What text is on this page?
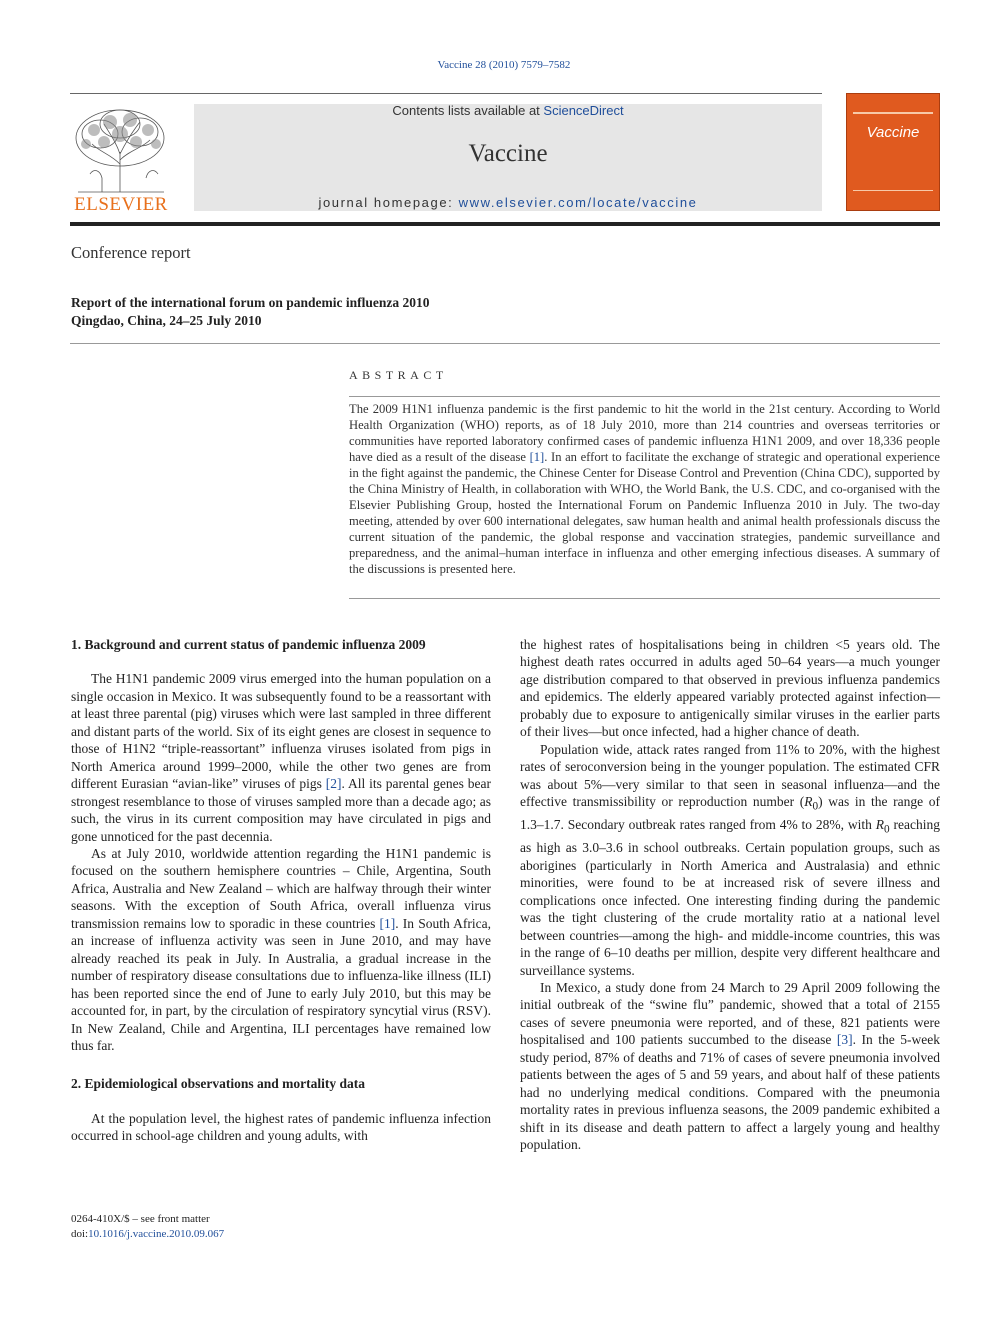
Vaccine 28 (2010) 7579–7582
ELSEVIER
Contents lists available at ScienceDirect
Vaccine
journal homepage: www.elsevier.com/locate/vaccine
Vaccine
Conference report
Report of the international forum on pandemic influenza 2010
Qingdao, China, 24–25 July 2010
ABSTRACT
The 2009 H1N1 influenza pandemic is the first pandemic to hit the world in the 21st century. According to World Health Organization (WHO) reports, as of 18 July 2010, more than 214 countries and overseas territories or communities have reported laboratory confirmed cases of pandemic influenza H1N1 2009, and over 18,336 people have died as a result of the disease [1]. In an effort to facilitate the exchange of strategic and operational experience in the fight against the pandemic, the Chinese Center for Disease Control and Prevention (China CDC), supported by the China Ministry of Health, in collaboration with WHO, the World Bank, the U.S. CDC, and co-organised with the Elsevier Publishing Group, hosted the International Forum on Pandemic Influenza 2010 in July. The two-day meeting, attended by over 600 international delegates, saw human health and animal health professionals discuss the current situation of the pandemic, the global response and vaccination strategies, pandemic surveillance and preparedness, and the animal–human interface in influenza and other emerging infectious diseases. A summary of the discussions is presented here.

1. Background and current status of pandemic influenza 2009

The H1N1 pandemic 2009 virus emerged into the human population on a single occasion in Mexico. It was subsequently found to be a reassortant with at least three parental (pig) viruses which were last sampled in three different and distant parts of the world. Six of its eight genes are closest in sequence to those of H1N2 “triple-reassortant” influenza viruses isolated from pigs in North America around 1999–2000, while the other two genes are from different Eurasian “avian-like” viruses of pigs [2]. All its parental genes bear strongest resemblance to those of viruses sampled more than a decade ago; as such, the virus in its current composition may have circulated in pigs and gone unnoticed for the past decennia.

As at July 2010, worldwide attention regarding the H1N1 pandemic is focused on the southern hemisphere countries – Chile, Argentina, South Africa, Australia and New Zealand – which are halfway through their winter seasons. With the exception of South Africa, overall influenza virus transmission remains low to sporadic in these countries [1]. In South Africa, an increase of influenza activity was seen in June 2010, and may have already reached its peak in July. In Australia, a gradual increase in the number of respiratory disease consultations due to influenza-like illness (ILI) has been reported since the end of June to early July 2010, but this may be accounted for, in part, by the circulation of respiratory syncytial virus (RSV). In New Zealand, Chile and Argentina, ILI percentages have remained low thus far.

2. Epidemiological observations and mortality data

At the population level, the highest rates of pandemic influenza infection occurred in school-age children and young adults, with

the highest rates of hospitalisations being in children <5 years old. The highest death rates occurred in adults aged 50–64 years—a much younger age distribution compared to that observed in previous influenza pandemics and epidemics. The elderly appeared variably protected against infection—probably due to exposure to antigenically similar viruses in the earlier parts of their lives—but once infected, had a higher chance of death.

Population wide, attack rates ranged from 11% to 20%, with the highest rates of seroconversion being in the younger population. The estimated CFR was about 5%—very similar to that seen in seasonal influenza—and the effective transmissibility or reproduction number $(R_0)$ was in the range of 1.3–1.7. Secondary outbreak rates ranged from 4% to 28%, with $R_0$ reaching as high as 3.0–3.6 in school outbreaks. Certain population groups, such as aborigines (particularly in North America and Australasia) and ethnic minorities, were found to be at increased risk of severe illness and complications once infected. One interesting finding during the pandemic was the tight clustering of the crude mortality ratio at a national level between countries—among the high- and middle-income countries, this was in the range of 6–10 deaths per million, despite very different healthcare and surveillance systems.

In Mexico, a study done from 24 March to 29 April 2009 following the initial outbreak of the “swine flu” pandemic, showed that a total of 2155 cases of severe pneumonia were reported, and of these, 821 patients were hospitalised and 100 patients succumbed to the disease [3]. In the 5-week study period, 87% of deaths and 71% of cases of severe pneumonia involved patients between the ages of 5 and 59 years, and about half of these patients had no underlying medical conditions. Compared with the pneumonia mortality rates in previous influenza seasons, the 2009 pandemic exhibited a shift in its disease and death pattern to affect a largely young and healthy population.

0264-410X/$ – see front matter
doi:10.1016/j.vaccine.2010.09.067
